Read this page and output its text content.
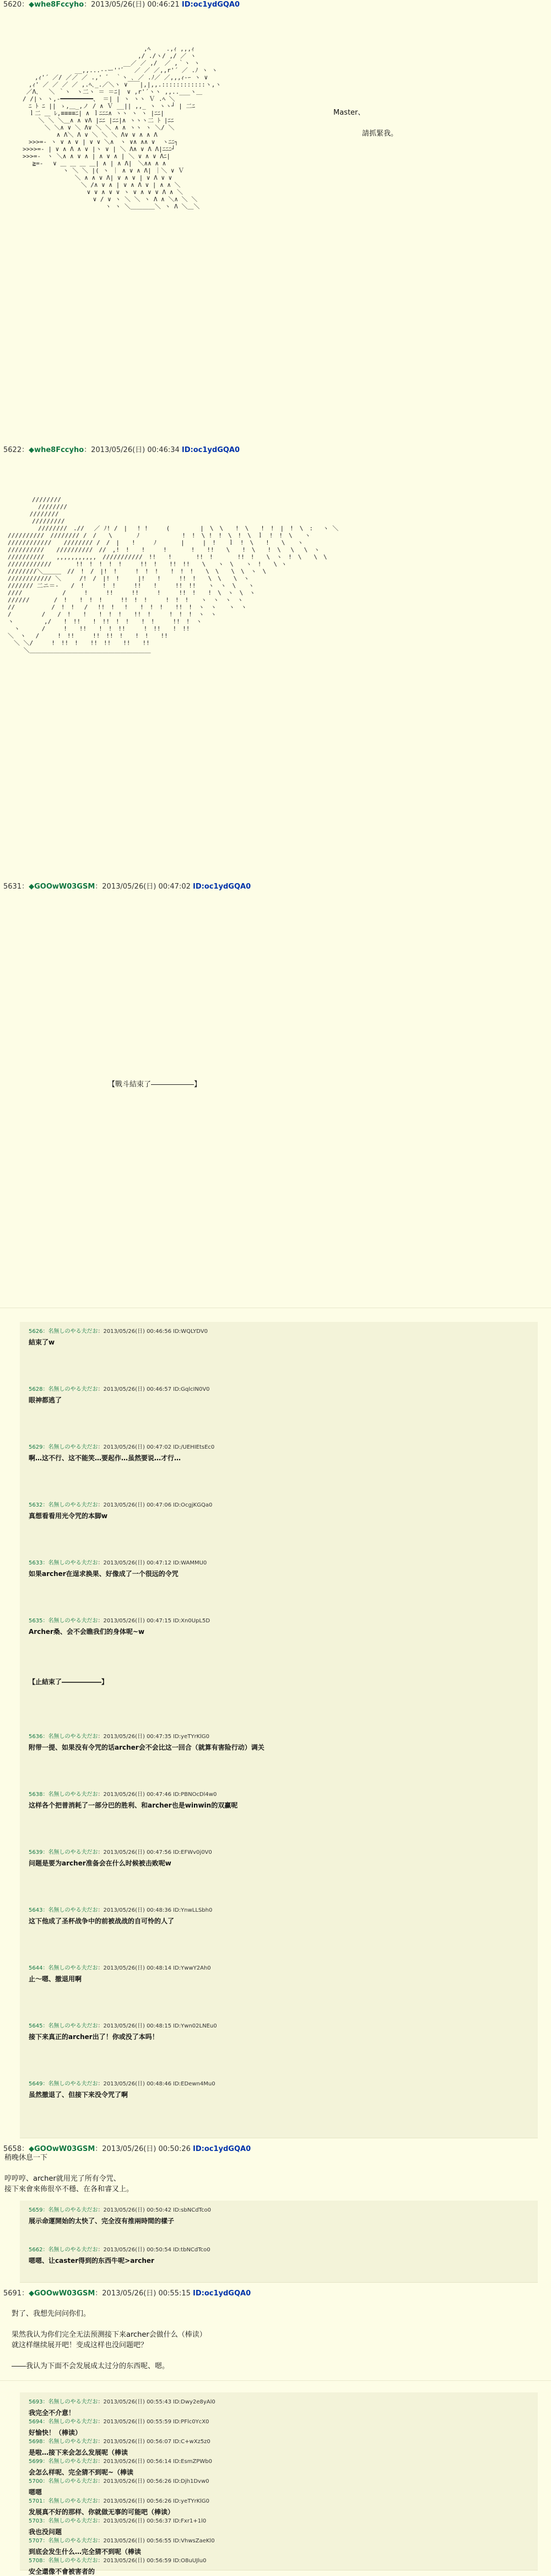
5620：◆whe8Fccyho：2013/05/26(日) 00:46:21 ID:oc1ydGQA0
　　　　　　　　　　　　　　　　　　　　　,ﾍ　　 .,ｨ ,,,ｨ
　　　　　　　　　　　　　　　　　　　　,/ ./ヽ/ ,/ ／ ヽ
　　　　　　　　　　　　　　　　　 __／ ／ ,/  ／ ,｀ヽ ヽ
　　　　　　　　　 __,,...--ー''゛  ／ ／ ／,,r'´ ／ .ﾉ ヽ ヽ
　　　,ｨ'´ ／/ ／／ ／ .,' ゛ ｀ヽ ､ ／ .ﾉ／ ／,,,ｨ-ｰ ヽ ∨
　　,ｨ' ／ ／ ／ ／ ,.ﾍ､_.／＼ヽ ∨￣￣|,|,,.::::::::::::ヽ,ヽ
　 ／Λ､ 　＼ ｀ヽ　ヽ二ヽ ＝ ＝ﾆ|　∨ ,r'´ヽヽ ,,..___ヽ＿
　/ /|ヽ ヽ,-━━━━━━━━━、 ＝| | ヽ ヽヽ Ｖ .ﾍ ＼
　　ﾆ ﾄ ﾆ || ゝ,＿_,ノ / ∧ Ｖ __|| ,,_ ヽ ヽヽ┘ | 二ﾆ
　　ｌ二 ＿ ﾚ,≡≡≡≡ﾆ| ∧ ｌﾆﾆﾆ∧ ヽヽ ヽ ヽ |ﾆﾆ|
　　　 ＼ ＼ ＼＿∧ ∧ ∨Λ |ﾆﾆ |ﾆﾆ|∧ ヽヽヽ二 ﾄ |ﾆﾆ
　　　　 ＼ ＼∧ ∨ ＼ Λ∨ ＼ ＼ ∧ ∧ ヽヽ ヽ ＼/ ＼
　　　　　　 ∧ Λ＼ Λ ∨ ＼ ＼ ＼ Λ∨ ∨ ∧ ∧ Λ
　　>>>=- ヽ ∨ ∧ ∨ | ∨ ∨ ＼∧　ヽ ∨∧ ∧∧ ∨  ヽﾆﾆ┐
　>>>>=- | ∨ ∧ Λ ∧ ∨ |ヽ ∨ | ＼ Λ∧ ∨ Λ Λ|ﾆﾆﾆ┘
　>>>=-　ヽ ＼∧ ∧ ∨ ∧ | ∧ ∨ ∧ | ＼ ∨ ∧ ∨ Λﾆ|
　　 ≧=-　 ∨ ＿ ＿ ＿ ＿| ∧ | ∧ Λ|　＼∧∧ ∧ ∧
　　　　　　　 ヽ ＼ ＼ |( ヽ ｜ ∧ ∨ ∧ Λ| ｜＼ ∨ Ｖ
　　　　　　　　　 ＼ ∧ ∧ ∨ Λ| ∨ ∧ ∨ | ∨ Λ ∨ ∨
　　　　　　　　　　 ＼ /∧ ∨ ∧ | ∨ ∧ Λ ∨ | ∧ ∧ ＼
　　　　　　　　　　　 ∨ ∨ ∧ ∨ ∨ ヽ ∨ ∧ ∨ ∨ Λ ∧ ＼
　　　　　　　　　　　　 ∨ / ∨ ヽ ＼ ＼ ヽ Λ ∧ ＼∧ ＼ ＼
　　　　　　　　　　　　　　 ヽ ヽ ＼＿＿＿＿＼ ヽ Λ ＼＿＼
Master、
　　　　請抓緊我。
5622：◆whe8Fccyho：2013/05/26(日) 00:46:34 ID:oc1ydGQA0
　　　　////////
　　　　　////////
　　　 ////////
　　　　/////////
　　　　　////////　.//　 ／ ﾉ! /　|　 ! !　　　(　　　　　|　\　\　　!　\　　!　!　|　!　\　:　 ヽ ＼
//////////　//////// /　/　　\　　　　ﾉ　　　　　　　!　!　\ !　!　\　!　\　ｌ　!　!　\　　ヽ
////////////　　//////// /　/　|　　!　　　ﾉ　　　　|　　　|　!　　ｌ　!　\　　!　　\　　ヽ
//////////　　//////////　//　,!　!　　!　　　!　　　　!　　!!　　\　　!　\　　!　\　 \　 \　ヽ
//////////　　,,,,,,,,,,,　///////////　!!　　!　　　　!!　!　　　　!!　!　　\　ヽ　!　\　　\　\
////////////　　　　!!　!　!　!　!　　　!!　!　　!!　!!　　\　　ヽ　\　　ヽ　!　　\ ヽ
////////＼＿＿＿　//　!　/　|!　!　　　!　!　!　　!　!　!　　\　\　　\　\　ヽ　\
//////////// ＼　　　/!　/　|!　!　　　|!　　!　　　!!　!　　\　\　　\　ヽ
/////// 二ニ＝-　　/　!　　　!　!　　　!!　　!　　　!!　!!　　ヽ　ヽ　\　　ヽ
////　　　　　　 /　　　!　　　!!　　　!!　　　!　　　!!　!　　!　\　ヽ　\　ヽ
//////　　　　/　!　　!　!　!　　　!!　!　!　　　!　!　!　　ヽ　ヽ　ヽ　ヽ
//　　　　　　/　!　!　 /　 !!　!　 !　　!　!　!　　!!　!　ヽ　ヽ　　ヽ　ヽ
/　　　　　/　　/　!　　!　　!　!　!　　!!　!　　　!　!　!　ヽ　ヽ
ヽ　　　　　,/　　!　!!　　!　!!　!　!　　!　!　　　!!　!　ヽ
　ヽ　　　 /　　　!　　!!　　!　!　!!　　　!　!!　　!　!!
＼　ヽ　 /　　　!　!!　　　!!　!!　!　　!　!　　!!
　＼ ＼/　　　!　!!　!　　!!　!!　　!!　　!!
　　 ＼＿＿＿＿＿＿＿＿＿＿＿＿＿＿＿＿＿＿＿＿
5631：◆GOOwW03GSM：2013/05/26(日) 00:47:02 ID:oc1ydGQA0
【戰斗結束了――――――】
5626：名無しのやる夫だお：2013/05/26(日) 00:46:56 ID:WQLYDV0
結束了w
5628：名無しのやる夫だお：2013/05/26(日) 00:46:57 ID:GqlcIN0V0
眼神都逃了
5629：名無しのやる夫だお：2013/05/26(日) 00:47:02 ID:/UEHIEtsEc0
啊…这不行、这不能笑…要起作…虽然要说…才行…
5632：名無しのやる夫だお：2013/05/26(日) 00:47:06 ID:OcgjKGQa0
真想看看用光令咒的本脚w
5633：名無しのやる夫だお：2013/05/26(日) 00:47:12 ID:WAMMU0
如果archer在逞求换果、好像成了一个很远的令咒
5635：名無しのやる夫だお：2013/05/26(日) 00:47:15 ID:Xn0UpL5D
Archer桑、会不会瞧我们的身体呢~w
【止結束了――――――】
5636：名無しのやる夫だお：2013/05/26(日) 00:47:35 ID:yeTYrKlG0
附带一提、如果没有令咒的话archer会不会比这一回合（就算有害险行动）调关
5638：名無しのやる夫だお：2013/05/26(日) 00:47:46 ID:PBNOcDl4w0
这样各个把普消耗了一部分巴的胜利、和archer也是winwin的双赢呢
5639：名無しのやる夫だお：2013/05/26(日) 00:47:56 ID:EFWv0j0V0
问题是要为archer准备会在什么时候被击败呢w
5643：名無しのやる夫だお：2013/05/26(日) 00:48:36 ID:YnwLLSbh0
这下他成了圣杯战争中的前被战战的自可怜的人了
5644：名無しのやる夫だお：2013/05/26(日) 00:48:14 ID:YwwY2Ah0
止～嗯、撤退用啊
5645：名無しのやる夫だお：2013/05/26(日) 00:48:15 ID:Ywn02LNEu0
接下来真正的archer出了！你或没了本吗！
5649：名無しのやる夫だお：2013/05/26(日) 00:48:46 ID:EDewn4Mu0
虽然撤退了、但接下来没令咒了啊
5658：◆GOOwW03GSM：2013/05/26(日) 00:50:26 ID:oc1ydGQA0
稍晚休息一下
哼哼哼、archer就用光了所有令咒、
接下來會來佈很卒不穩、在各和睿又上。
5659：名無しのやる夫だお：2013/05/26(日) 00:50:42 ID:sbNCdTco0
展示命運開始的太快了、完全沒有推兩時間的樣子
5662：名無しのやる夫だお：2013/05/26(日) 00:50:54 ID:tbNCdTco0
嗯嗯、让caster得到的东西牛呢>archer
5691：◆GOOwW03GSM：2013/05/26(日) 00:55:15 ID:oc1ydGQA0
　對了、我想先问问你们。
　果然我认为你们完全无法预测接下来archer会做什么（棒读）
　就这样继续展开吧！变成这样也没问题吧？
　――我认为下面不会发展成太过分的东西呢、嗯。
5693：名無しのやる夫だお：2013/05/26(日) 00:55:43 ID:Dwy2e8yAl0
我完全不介意！
5694：名無しのやる夫だお：2013/05/26(日) 00:55:59 ID:PFlc0YcX0
好愉快！（棒读）
5698：名無しのやる夫だお：2013/05/26(日) 00:56:07 ID:C+wXz5z0
是啦…接下来会怎么发展呢（棒读
5699：名無しのやる夫だお：2013/05/26(日) 00:56:14 ID:EsmZPWb0
会怎么样呢、完全猜不到呢~（棒读
5700：名無しのやる夫だお：2013/05/26(日) 00:56:26 ID:Djh1Dvw0
嗯嗯
5701：名無しのやる夫だお：2013/05/26(日) 00:56:26 ID:yeTYrKlG0
发展真不好的那样、你就做无事的可能吧（棒读）
5703：名無しのやる夫だお：2013/05/26(日) 00:56:37 ID:Fxr1+1l0
我也没问题
5707：名無しのやる夫だお：2013/05/26(日) 00:56:55 ID:VhwsZaeKl0
到底会发生什么…完全猜不到呢（棒读
5708：名無しのやる夫だお：2013/05/26(日) 00:56:59 ID:O8uUJlu0
安全還像不會被害者的
